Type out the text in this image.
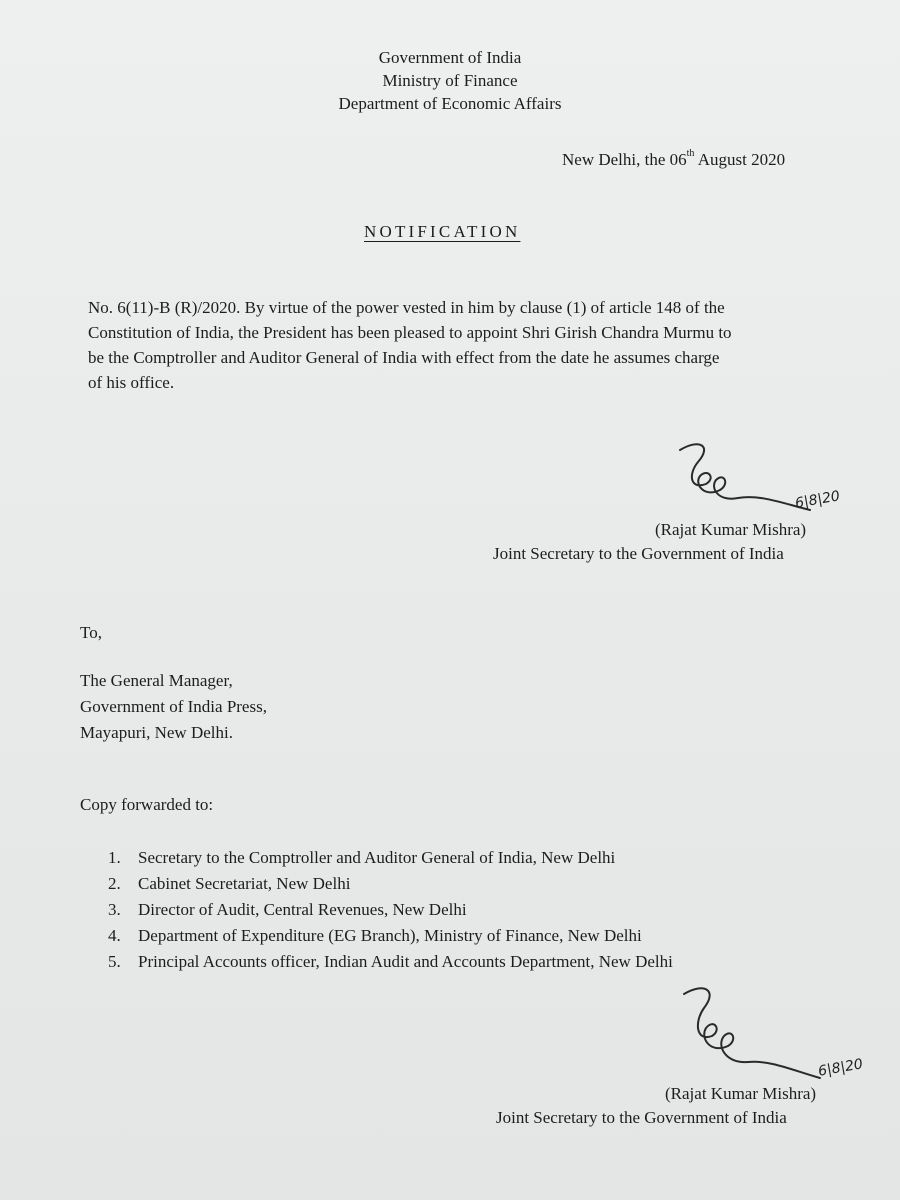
Government of India
Ministry of Finance
Department of Economic Affairs
New Delhi, the 06th August 2020
NOTIFICATION
No. 6(11)-B (R)/2020. By virtue of the power vested in him by clause (1) of article 148 of the
Constitution of India, the President has been pleased to appoint Shri Girish Chandra Murmu to
be the Comptroller and Auditor General of India with effect from the date he assumes charge
of his office.
6|8|20
(Rajat Kumar Mishra)
Joint Secretary to the Government of India
To,
The General Manager,
Government of India Press,
Mayapuri, New Delhi.
Copy forwarded to:
1. Secretary to the Comptroller and Auditor General of India, New Delhi
2. Cabinet Secretariat, New Delhi
3. Director of Audit, Central Revenues, New Delhi
4. Department of Expenditure (EG Branch), Ministry of Finance, New Delhi
5. Principal Accounts officer, Indian Audit and Accounts Department, New Delhi
6|8|20
(Rajat Kumar Mishra)
Joint Secretary to the Government of India
